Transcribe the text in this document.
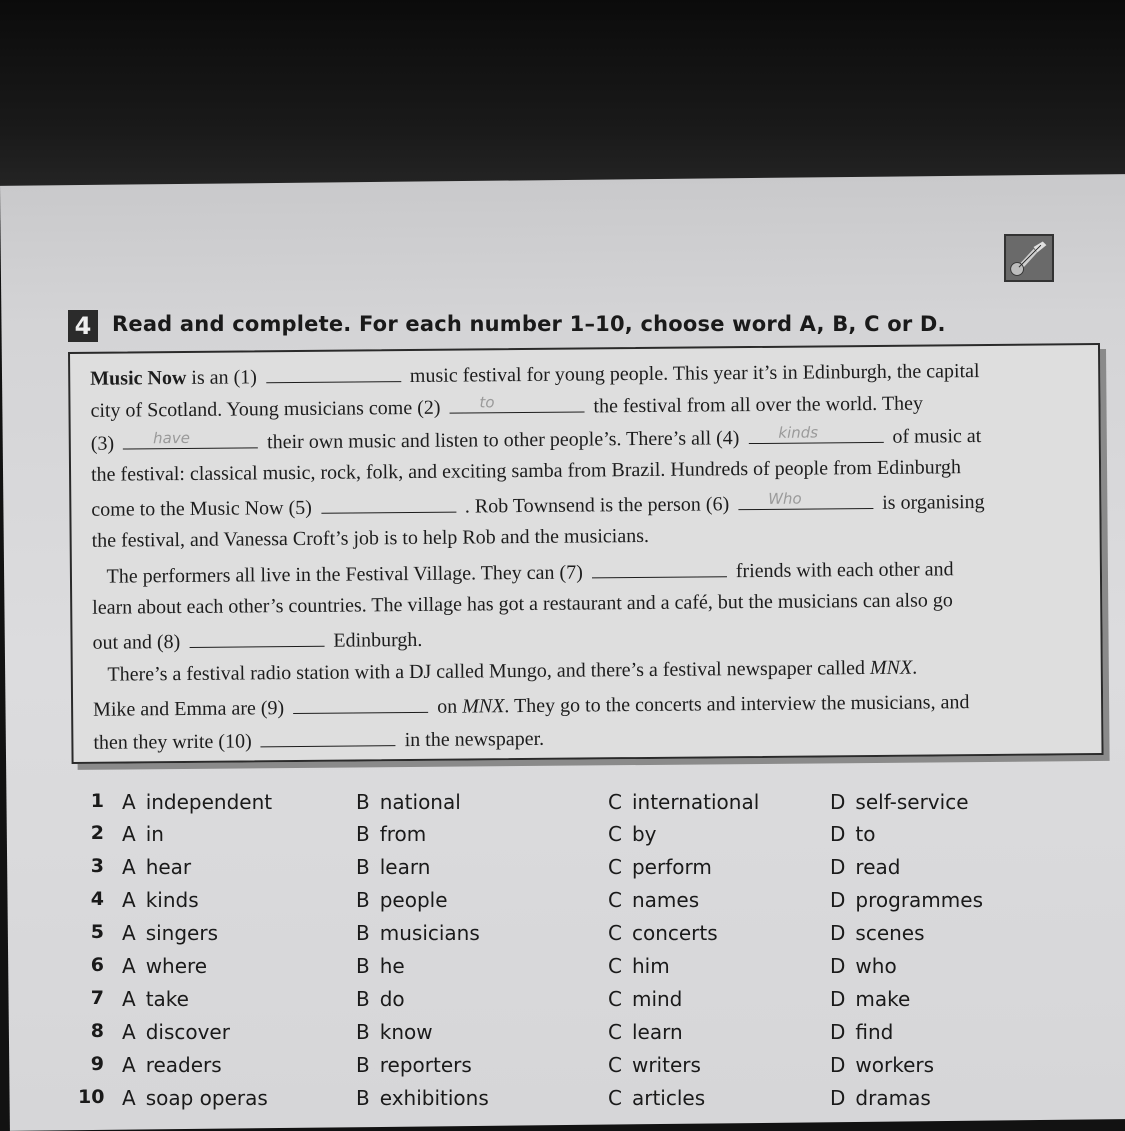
4 Read and complete. For each number 1–10, choose word A, B, C or D.
Music Now is an (1)	music festival for young people. This year it’s in Edinburgh, the capital
city of Scotland. Young musicians come (2) to	the festival from all over the world. They
(3) have	their own music and listen to other people’s. There’s all (4) kinds	of music at
the festival: classical music, rock, folk, and exciting samba from Brazil. Hundreds of people from Edinburgh
come to the Music Now (5)	. Rob Townsend is the person (6) Who	is organising
the festival, and Vanessa Croft’s job is to help Rob and the musicians.
The performers all live in the Festival Village. They can (7)	friends with each other and
learn about each other’s countries. The village has got a restaurant and a café, but the musicians can also go
out and (8)	Edinburgh.
There’s a festival radio station with a DJ called Mungo, and there’s a festival newspaper called MNX.
Mike and Emma are (9)	on MNX. They go to the concerts and interview the musicians, and
then they write (10)	in the newspaper.
1 A independent	B national	C international	D self-service
2 A in	B from	C by	D to
3 A hear	B learn	C perform	D read
4 A kinds	B people	C names	D programmes
5 A singers	B musicians	C concerts	D scenes
6 A where	B he	C him	D who
7 A take	B do	C mind	D make
8 A discover	B know	C learn	D find
9 A readers	B reporters	C writers	D workers
10 A soap operas	B exhibitions	C articles	D dramas
